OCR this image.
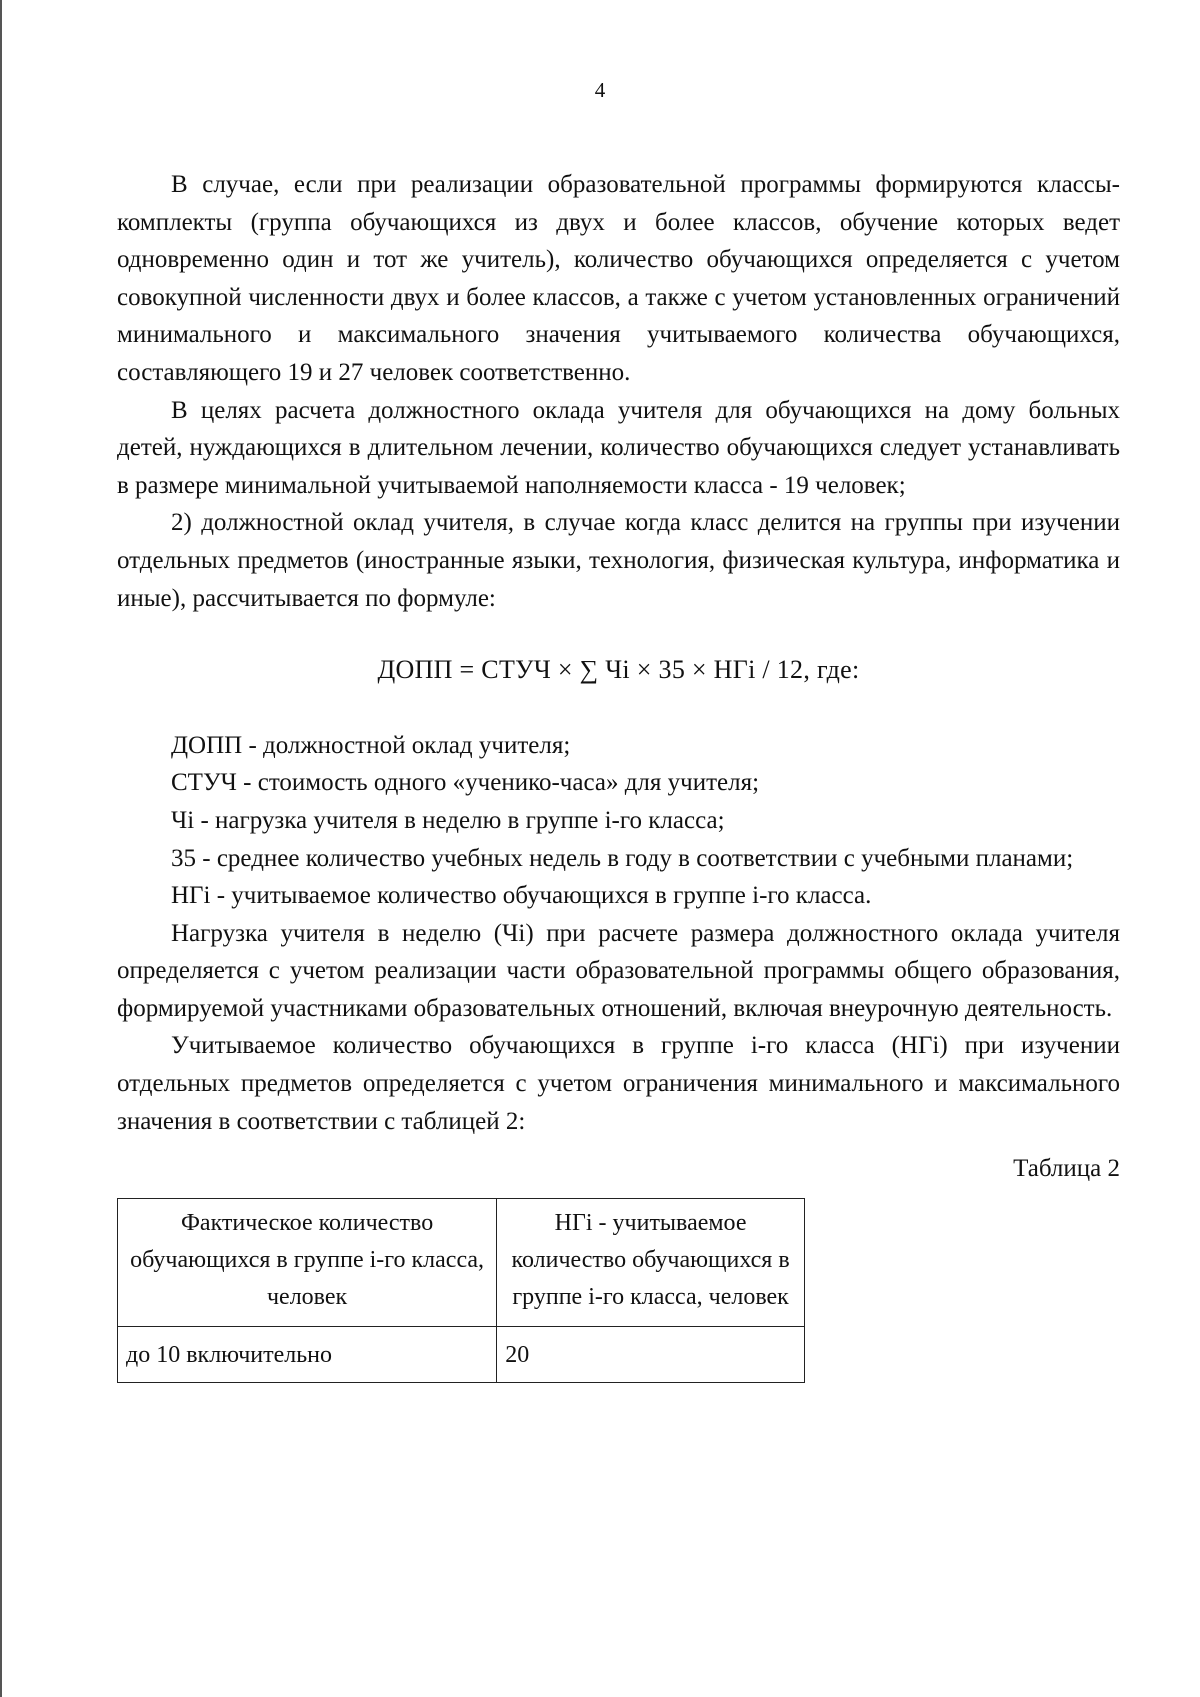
4

В случае, если при реализации образовательной программы формируются классы-комплекты (группа обучающихся из двух и более классов, обучение которых ведет одновременно один и тот же учитель), количество обучающихся определяется с учетом совокупной численности двух и более классов, а также с учетом установленных ограничений минимального и максимального значения учитываемого количества обучающихся, составляющего 19 и 27 человек соответственно.

В целях расчета должностного оклада учителя для обучающихся на дому больных детей, нуждающихся в длительном лечении, количество обучающихся следует устанавливать в размере минимальной учитываемой наполняемости класса - 19 человек;

2) должностной оклад учителя, в случае когда класс делится на группы при изучении отдельных предметов (иностранные языки, технология, физическая культура, информатика и иные), рассчитывается по формуле:

ДОПП = СТУЧ × ∑ Чi × 35 × НГi / 12, где:

ДОПП - должностной оклад учителя;

СТУЧ - стоимость одного «ученико-часа» для учителя;

Чi - нагрузка учителя в неделю в группе i-го класса;

35 - среднее количество учебных недель в году в соответствии с учебными планами;

НГi - учитываемое количество обучающихся в группе i-го класса.

Нагрузка учителя в неделю (Чi) при расчете размера должностного оклада учителя определяется с учетом реализации части образовательной программы общего образования, формируемой участниками образовательных отношений, включая внеурочную деятельность.

Учитываемое количество обучающихся в группе i-го класса (НГi) при изучении отдельных предметов определяется с учетом ограничения минимального и максимального значения в соответствии с таблицей 2:

Таблица 2
Фактическое количество обучающихся в группе i-го класса, человек	НГi - учитываемое количество обучающихся в группе i-го класса, человек
до 10 включительно	20
